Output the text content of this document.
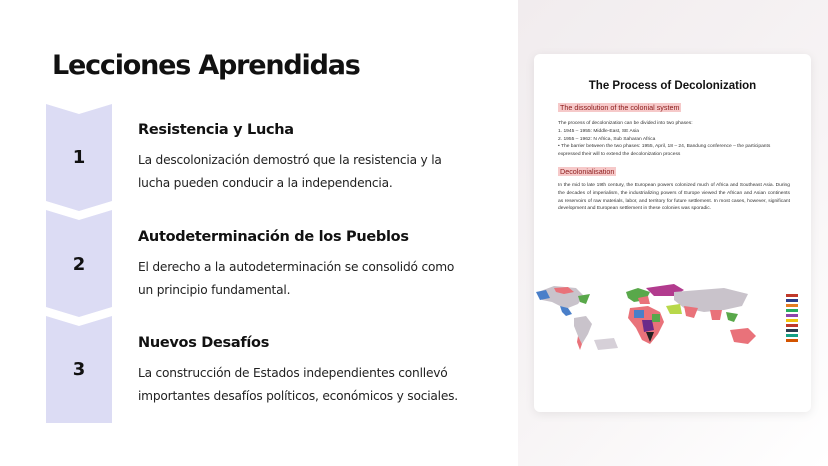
Lecciones Aprendidas
1
Resistencia y Lucha
La descolonización demostró que la resistencia y la lucha pueden conducir a la independencia.
2
Autodeterminación de los Pueblos
El derecho a la autodeterminación se consolidó como un principio fundamental.
3
Nuevos Desafíos
La construcción de Estados independientes conllevó importantes desafíos políticos, económicos y sociales.
The Process of Decolonization
The dissolution of the colonial system

The process of decolonization can be divided into two phases:

1. 1945 – 1955: Middle-East, SE Asia

2. 1955 – 1962: N Africa, Sub Saharan Africa

• The barrier between the two phases: 1955, April, 18 – 24, Bandung conference – the participants expressed their will to extend the decolonization process

Decolonialisation
In the mid to late 19th century, the European powers colonized much of Africa and Southeast Asia. During the decades of imperialism, the industrializing powers of Europe viewed the African and Asian continents as reservoirs of raw materials, labor, and territory for future settlement. In most cases, however, significant development and European settlement in these colonies was sporadic.
